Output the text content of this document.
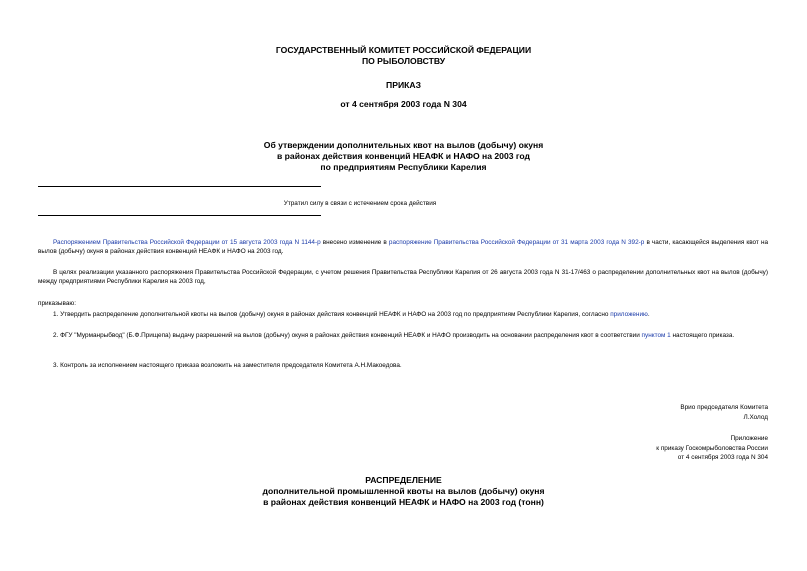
ГОСУДАРСТВЕННЫЙ КОМИТЕТ РОССИЙСКОЙ ФЕДЕРАЦИИ
ПО РЫБОЛОВСТВУ
ПРИКАЗ
от 4 сентября 2003 года N 304
Об утверждении дополнительных квот на вылов (добычу) окуня
в районах действия конвенций НЕАФК и НАФО на 2003 год
по предприятиям Республики Карелия
Утратил силу в связи с истечением срока действия
Распоряжением Правительства Российской Федерации от 15 августа 2003 года N 1144-р внесено изменение в распоряжение Правительства Российской Федерации от 31 марта 2003 года N 392-р в части, касающейся выделения квот на вылов (добычу) окуня в районах действия конвенций НЕАФК и НАФО на 2003 год.
В целях реализации указанного распоряжения Правительства Российской Федерации, с учетом решения Правительства Республики Карелия от 26 августа 2003 года N 31-17/463 о распределении дополнительных квот на вылов (добычу) между предприятиями Республики Карелия на 2003 год,
приказываю:
1. Утвердить распределение дополнительной квоты на вылов (добычу) окуня в районах действия конвенций НЕАФК и НАФО на 2003 год по предприятиям Республики Карелия, согласно приложению.
2. ФГУ "Мурманрыбвод" (Б.Ф.Прищепа) выдачу разрешений на вылов (добычу) окуня в районах действия конвенций НЕАФК и НАФО производить на основании распределения квот в соответствии пунктом 1 настоящего приказа.
3. Контроль за исполнением настоящего приказа возложить на заместителя председателя Комитета А.Н.Макоедова.
Врио председателя Комитета
Л.Холод
Приложение
к приказу Госкомрыболовства России
от 4 сентября 2003 года N 304
РАСПРЕДЕЛЕНИЕ
дополнительной промышленной квоты на вылов (добычу) окуня
в районах действия конвенций НЕАФК и НАФО на 2003 год (тонн)
